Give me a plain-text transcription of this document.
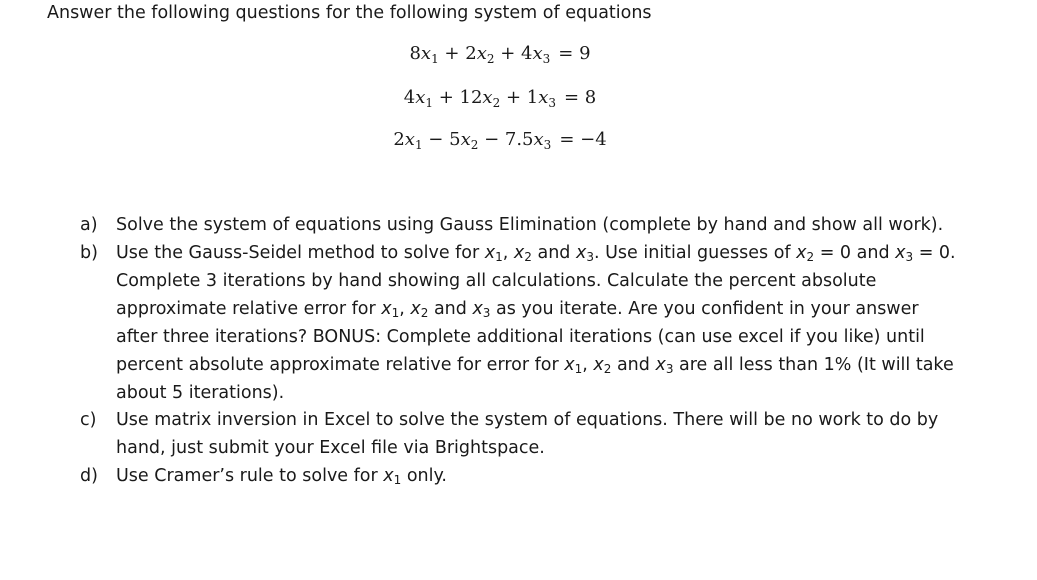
Answer the following questions for the following system of equations
$8x_1 + 2x_2 + 4x_3 = 9$
$4x_1 + 12x_2 + 1x_3 = 8$
$2x_1 - 5x_2 - 7.5x_3 = -4$
a)	Solve the system of equations using Gauss Elimination (complete by hand and show all work).
b)	Use the Gauss-Seidel method to solve for $x_1$, $x_2$ and $x_3$. Use initial guesses of $x_2 = 0$ and $x_3 = 0$. Complete 3 iterations by hand showing all calculations. Calculate the percent absolute approximate relative error for $x_1$, $x_2$ and $x_3$ as you iterate. Are you confident in your answer after three iterations? BONUS: Complete additional iterations (can use excel if you like) until percent absolute approximate relative for error for $x_1$, $x_2$ and $x_3$ are all less than 1% (It will take about 5 iterations).
c)	Use matrix inversion in Excel to solve the system of equations. There will be no work to do by hand, just submit your Excel file via Brightspace.
d)	Use Cramer’s rule to solve for $x_1$ only.
